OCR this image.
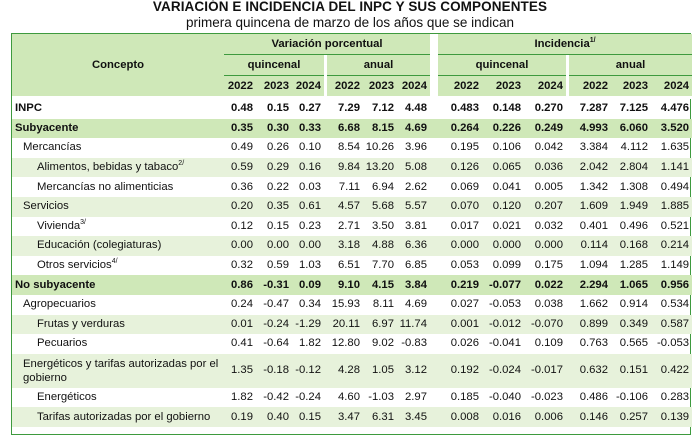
VARIACIÓN E INCIDENCIA DEL INPC Y SUS COMPONENTES
primera quincena de marzo de los años que se indican
Concepto	Variación porcentual								Incidencia$^{1/}$
	quincenal				anual				quincenal				anual		
	2022	2023	2024		2022	2023	2024		2022	2023	2024		2022	2023	2024

INPC	0.48	0.15	0.27		7.29	7.12	4.48		0.483	0.148	0.270		7.287	7.125	4.476
Subyacente	0.35	0.30	0.33		6.68	8.15	4.69		0.264	0.226	0.249		4.993	6.060	3.520
Mercancías	0.49	0.26	0.10		8.54	10.26	3.96		0.195	0.106	0.042		3.384	4.112	1.635
Alimentos, bebidas y tabaco$^{2/}$	0.59	0.29	0.16		9.84	13.20	5.08		0.126	0.065	0.036		2.042	2.804	1.141
Mercancías no alimenticias	0.36	0.22	0.03		7.11	6.94	2.62		0.069	0.041	0.005		1.342	1.308	0.494
Servicios	0.20	0.35	0.61		4.57	5.68	5.57		0.070	0.120	0.207		1.609	1.949	1.885
Vivienda$^{3/}$	0.12	0.15	0.23		2.71	3.50	3.81		0.017	0.021	0.032		0.401	0.496	0.521
Educación (colegiaturas)	0.00	0.00	0.00		3.18	4.88	6.36		0.000	0.000	0.000		0.114	0.168	0.214
Otros servicios$^{4/}$	0.32	0.59	1.03		6.51	7.70	6.85		0.053	0.099	0.175		1.094	1.285	1.149
No subyacente	0.86	-0.31	0.09		9.10	4.15	3.84		0.219	-0.077	0.022		2.294	1.065	0.956
Agropecuarios	0.24	-0.47	0.34		15.93	8.11	4.69		0.027	-0.053	0.038		1.662	0.914	0.534
Frutas y verduras	0.01	-0.24	-1.29		20.11	6.97	11.74		0.001	-0.012	-0.070		0.899	0.349	0.587
Pecuarios	0.41	-0.64	1.82		12.80	9.02	-0.83		0.026	-0.041	0.109		0.763	0.565	-0.053
Energéticos y tarifas autorizadas por el gobierno	1.35	-0.18	-0.12		4.28	1.05	3.12		0.192	-0.024	-0.017		0.632	0.151	0.422
Energéticos	1.82	-0.42	-0.24		4.60	-1.03	2.97		0.185	-0.040	-0.023		0.486	-0.106	0.283
Tarifas autorizadas por el gobierno	0.19	0.40	0.15		3.47	6.31	3.45		0.008	0.016	0.006		0.146	0.257	0.139
